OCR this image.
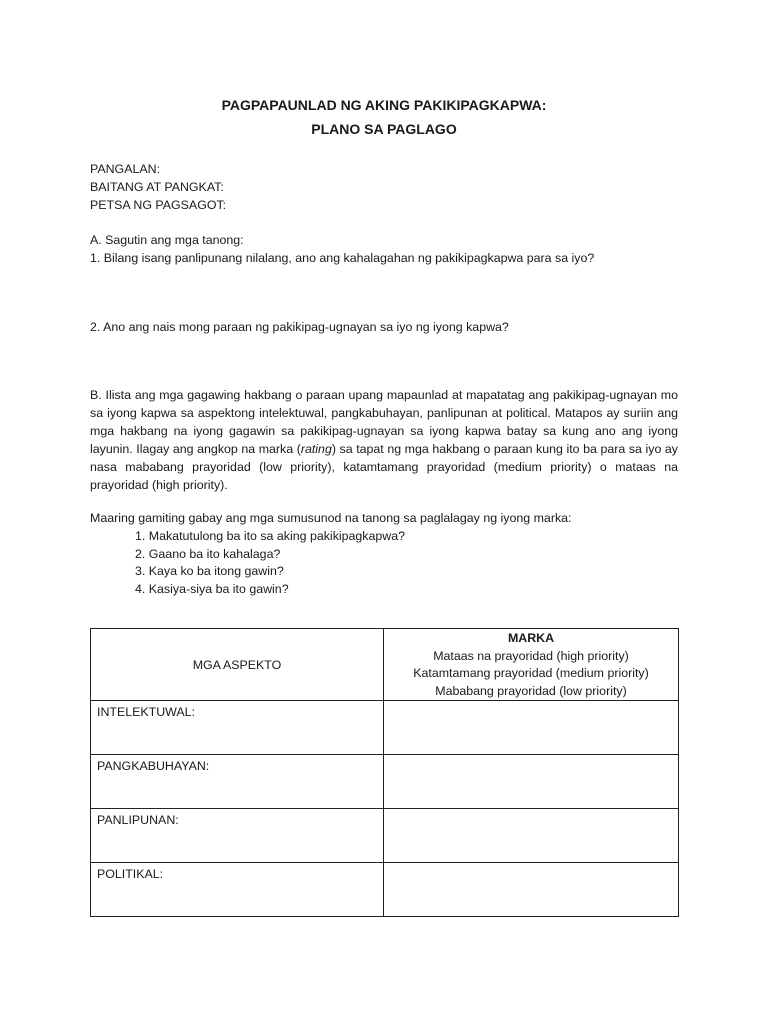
PAGPAPAUNLAD NG AKING PAKIKIPAGKAPWA:
PLANO SA PAGLAGO
PANGALAN:
BAITANG AT PANGKAT:
PETSA NG PAGSAGOT:
A. Sagutin ang mga tanong:
1. Bilang isang panlipunang nilalang, ano ang kahalagahan ng pakikipagkapwa para sa iyo?
2. Ano ang nais mong paraan ng pakikipag-ugnayan sa iyo ng iyong kapwa?
B. Ilista ang mga gagawing hakbang o paraan upang mapaunlad at mapatatag ang pakikipag-ugnayan mo sa iyong kapwa sa aspektong intelektuwal, pangkabuhayan, panlipunan at political. Matapos ay suriin ang mga hakbang na iyong gagawin sa pakikipag-ugnayan sa iyong kapwa batay sa kung ano ang iyong layunin. Ilagay ang angkop na marka (rating) sa tapat ng mga hakbang o paraan kung ito ba para sa iyo ay nasa mababang prayoridad (low priority), katamtamang prayoridad (medium priority) o mataas na prayoridad (high priority).
Maaring gamiting gabay ang mga sumusunod na tanong sa paglalagay ng iyong marka:
1. Makatutulong ba ito sa aking pakikipagkapwa?
2. Gaano ba ito kahalaga?
3. Kaya ko ba itong gawin?
4. Kasiya-siya ba ito gawin?
MGA ASPEKTO	MARKA
Mataas na prayoridad (high priority)
Katamtamang prayoridad (medium priority)
Mababang prayoridad (low priority)

INTELEKTUWAL:	
PANGKABUHAYAN:	
PANLIPUNAN:	
POLITIKAL:	
